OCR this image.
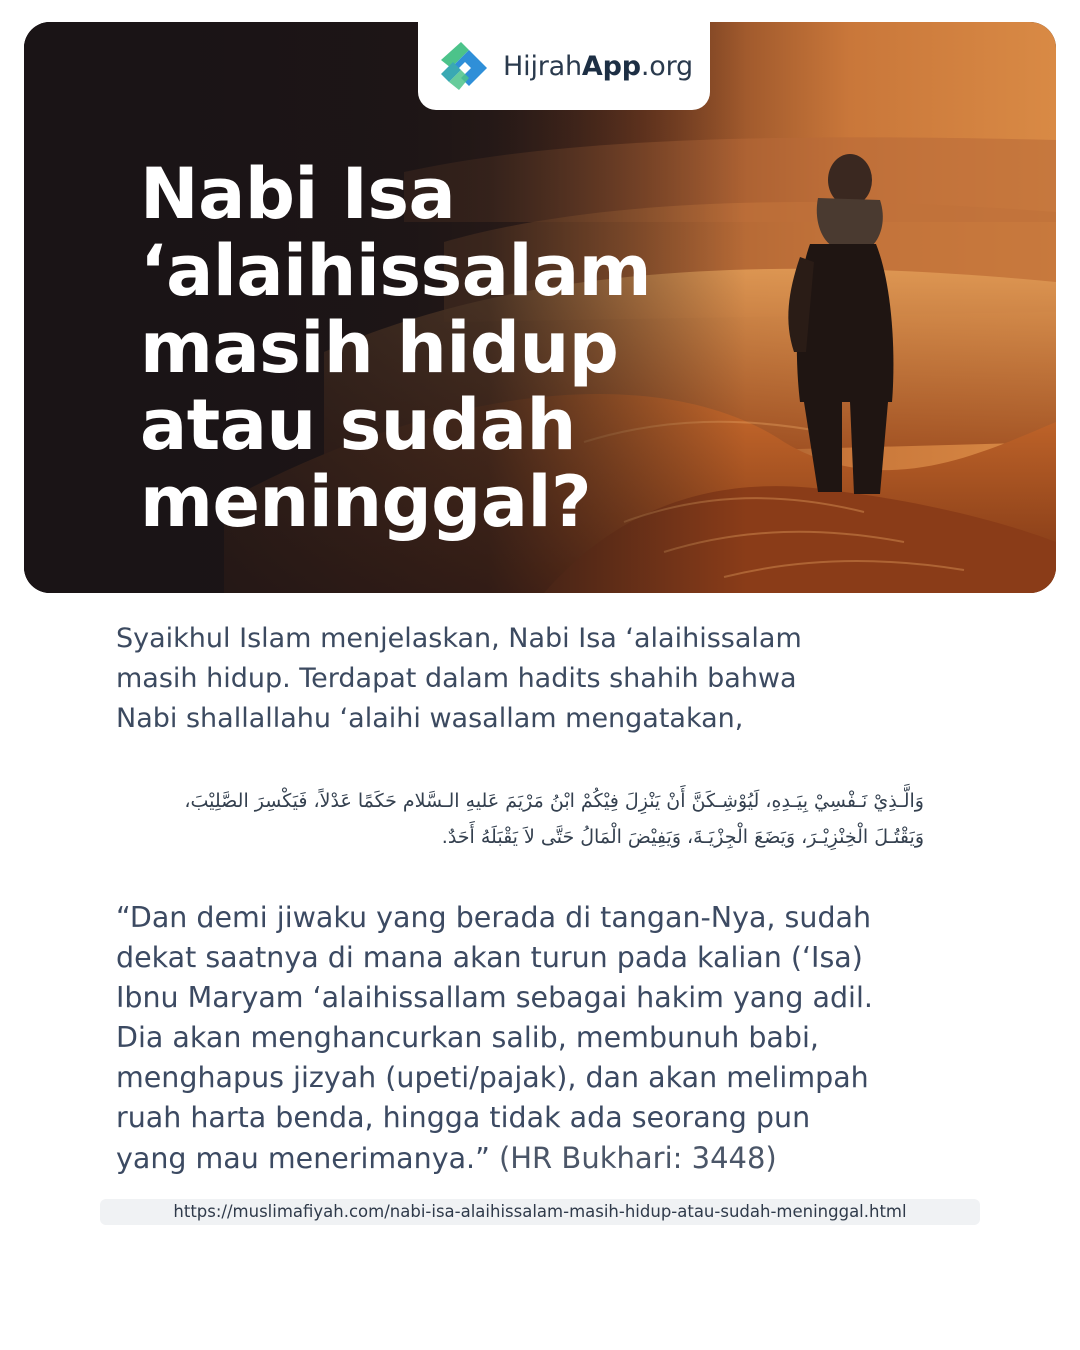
HijrahApp.org
Nabi Isa
‘alaihissalam
masih hidup
atau sudah
meninggal?
Syaikhul Islam menjelaskan, Nabi Isa ‘alaihissalam
masih hidup. Terdapat dalam hadits shahih bahwa
Nabi shallallahu ‘alaihi wasallam mengatakan,
وَالَّـذِيْ نَـفْسِيْ بِيَـدِهِ، لَيُوْشِـكَنَّ أَنْ يَنْزِلَ فِيْكُمْ ابْنُ مَرْيَمَ عَليهِ الـسَّلام حَكَمًا عَدْلاً، فَيَكْسِرَ الصَّلِيْبَ،
وَيَقْتُـلَ الْخِنْزِيْـرَ، وَيَضَعَ الْجِزْيَـةَ، وَيَفِيْضَ الْمَالُ حَتَّى لاَ يَقْبَلَهُ أَحَدٌ.
“Dan demi jiwaku yang berada di tangan-Nya, sudah
dekat saatnya di mana akan turun pada kalian (‘Isa)
Ibnu Maryam ‘alaihissallam sebagai hakim yang adil.
Dia akan menghancurkan salib, membunuh babi,
menghapus jizyah (upeti/pajak), dan akan melimpah
ruah harta benda, hingga tidak ada seorang pun
yang mau menerimanya.” (HR Bukhari: 3448)
https://muslimafiyah.com/nabi-isa-alaihissalam-masih-hidup-atau-sudah-meninggal.html
